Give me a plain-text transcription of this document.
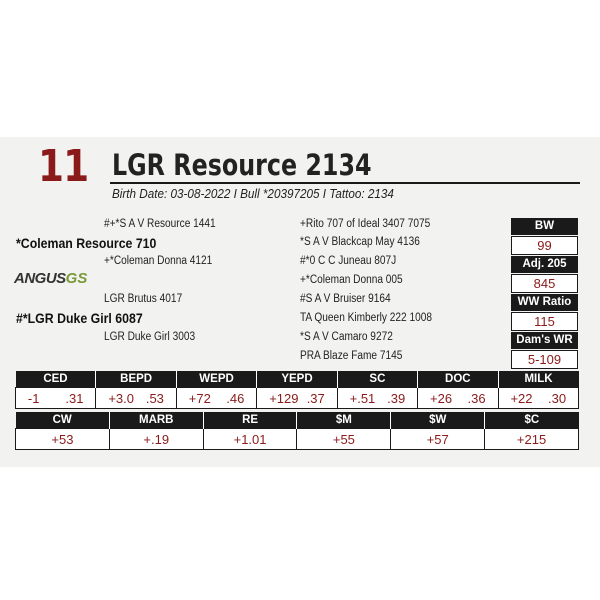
11 LGR Resource 2134
Birth Date: 03-08-2022 I Bull *20397205 I Tattoo: 2134
#+*S A V Resource 1441
*Coleman Resource 710
+*Coleman Donna 4121
ANGUSGS
LGR Brutus 4017
#*LGR Duke Girl 6087
LGR Duke Girl 3003
+Rito 707 of Ideal 3407 7075
*S A V Blackcap May 4136
#*0 C C Juneau 807J
+*Coleman Donna 005
#S A V Bruiser 9164
TA Queen Kimberly 222 1008
*S A V Camaro 9272
PRA Blaze Fame 7145
BW
99
Adj. 205
845
WW Ratio
115
Dam's WR
5-109
CED	BEPD	WEPD	YEPD	SC	DOC	MILK
-1 .31	+3.0 .53	+72 .46	+129 .37	+.51 .39	+26 .36	+22 .30
CW	MARB	RE	$M	$W	$C
+53	+.19	+1.01	+55	+57	+215
